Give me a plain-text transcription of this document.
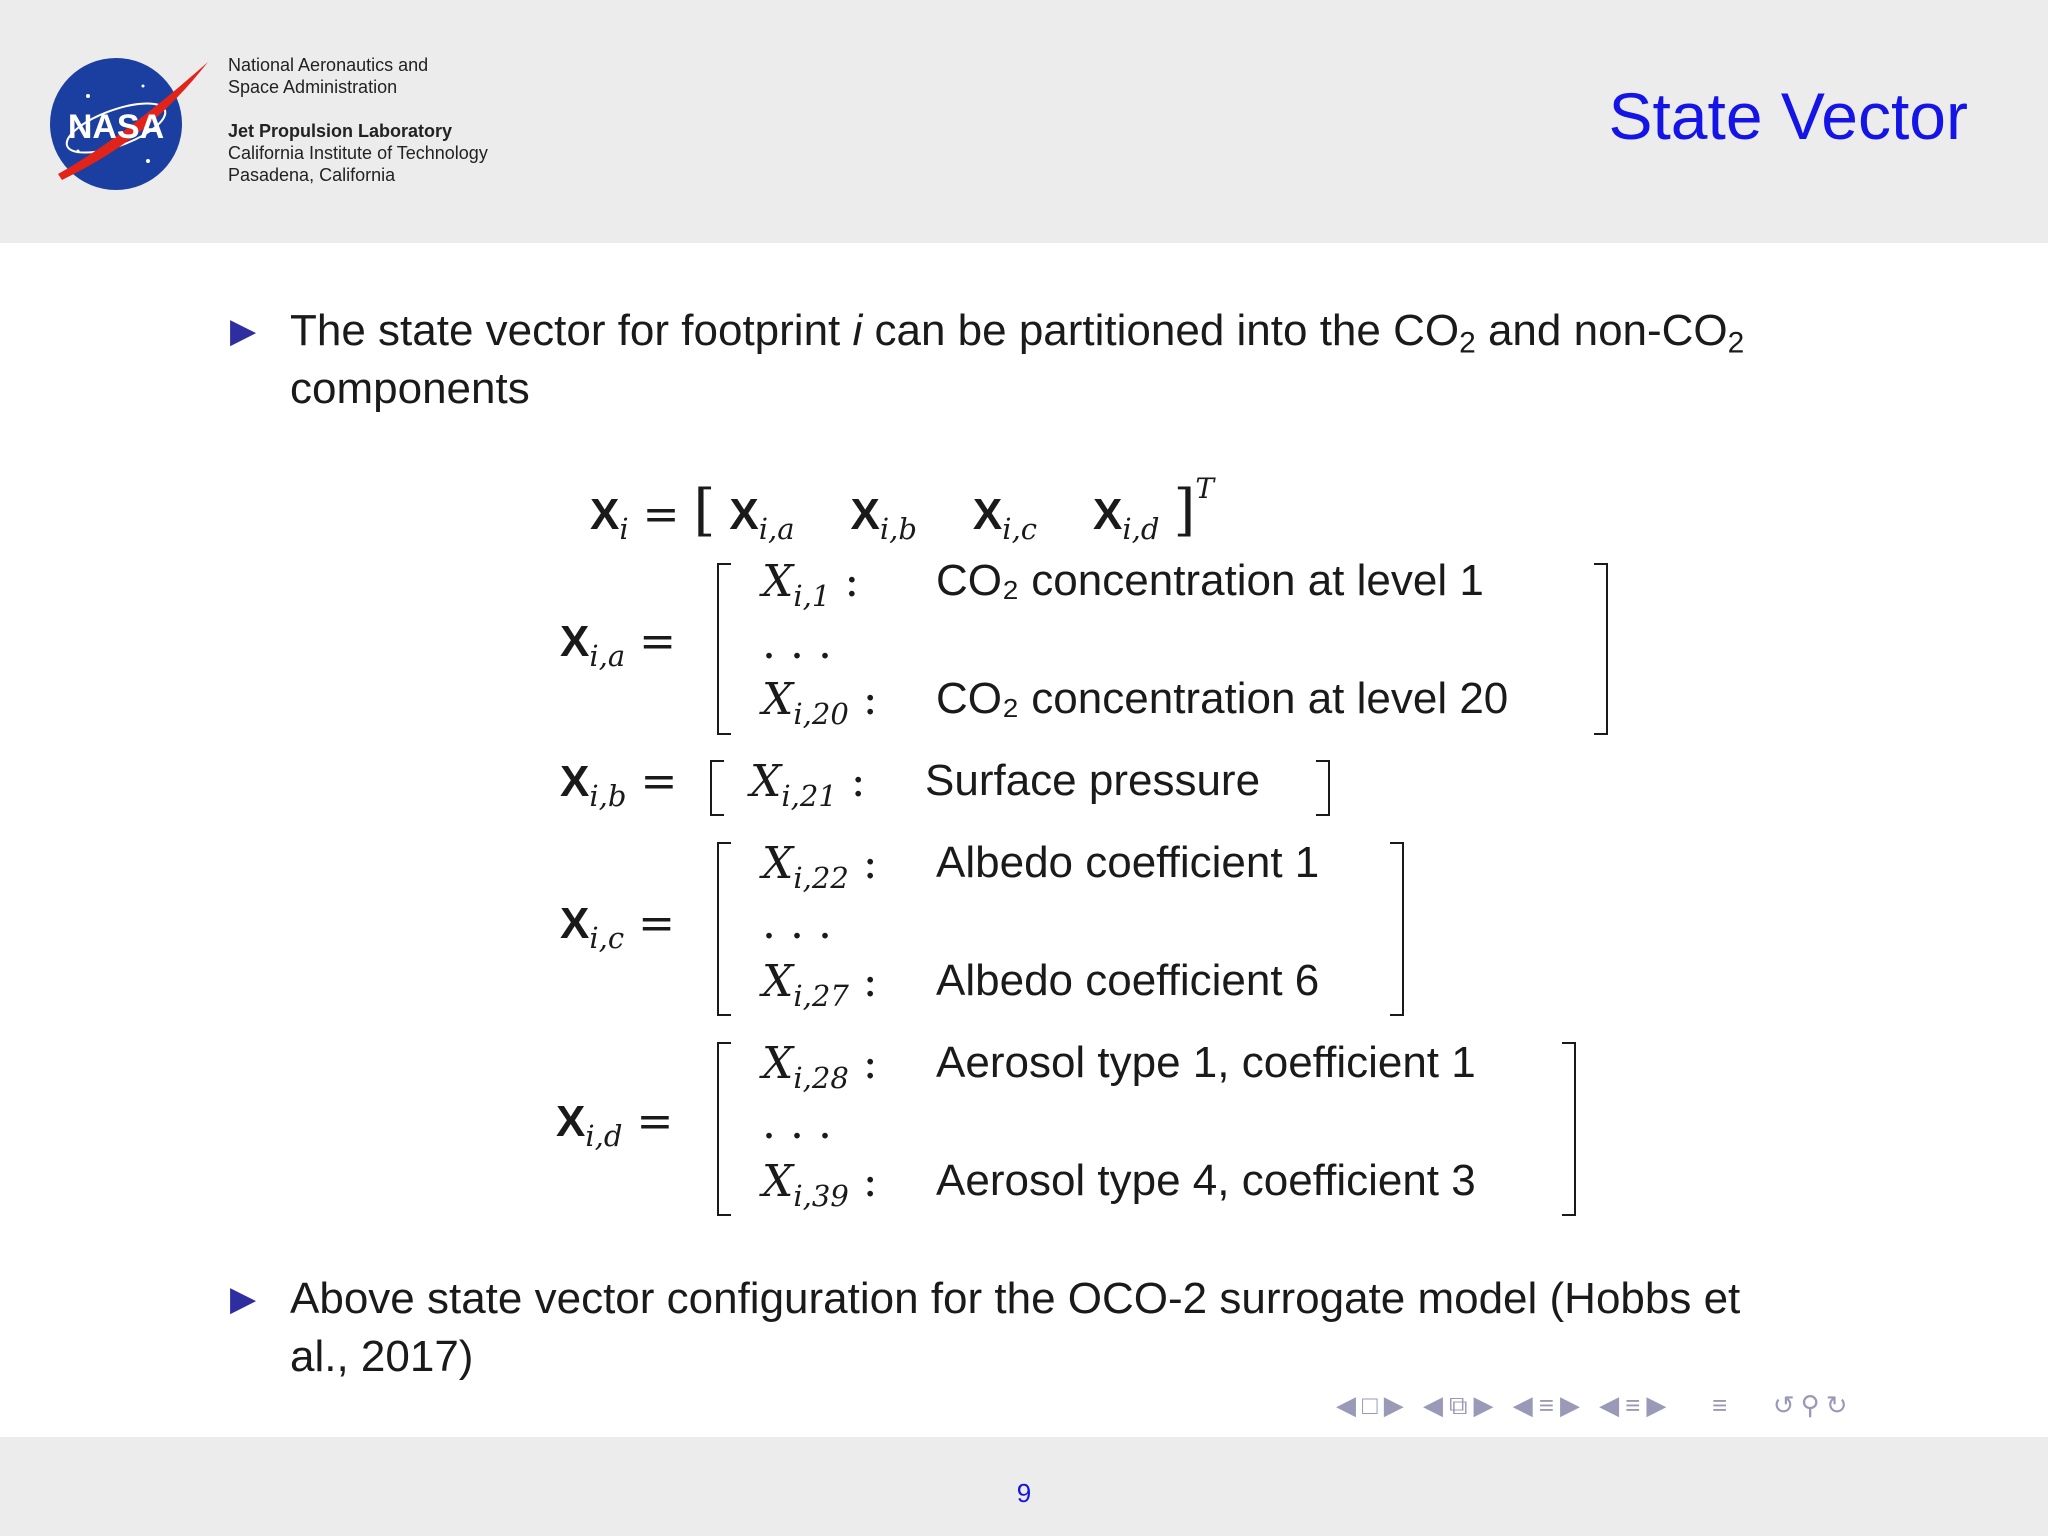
NASA
National Aeronautics and
Space Administration
Jet Propulsion Laboratory
California Institute of Technology
Pasadena, California
State Vector
▶ The state vector for footprint i can be partitioned into the $CO_2$ and non-$CO_2$
components
$X_i$ = [ $X_{i,a}$ $X_{i,b}$ $X_{i,c}$ $X_{i,d}$ ]$^T$
$X_{i,a}$ =
$X_{i,1}$ : CO₂ concentration at level 1
. . .
$X_{i,20}$ : CO₂ concentration at level 20
$X_{i,b} = X_{i,21}$ : Surface pressure
$X_{i,c}$ =
$X_{i,22}$ : Albedo coefficient 1
. . .
$X_{i,27}$ : Albedo coefficient 6
$X_{i,d}$ =
$X_{i,28}$ : Aerosol type 1, coefficient 1
. . .
$X_{i,39}$ : Aerosol type 4, coefficient 3
▶ Above state vector configuration for the OCO-2 surrogate model (Hobbs et
al., 2017)
◀□▶ ◀⧉▶ ◀≡▶ ◀≡▶ ≡ ↺⚲↻
9
